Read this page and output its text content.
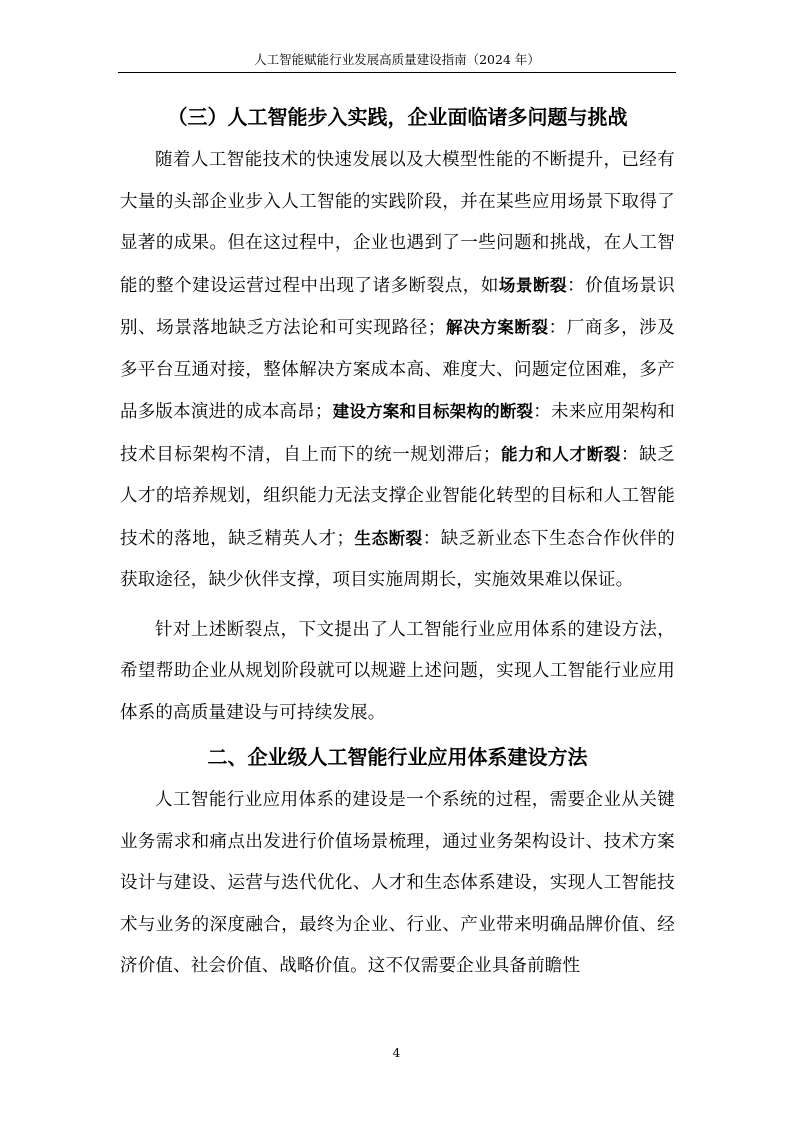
人工智能赋能行业发展高质量建设指南（2024 年）
（三）人工智能步入实践，企业面临诸多问题与挑战

随着人工智能技术的快速发展以及大模型性能的不断提升，已经有大量的头部企业步入人工智能的实践阶段，并在某些应用场景下取得了显著的成果。但在这过程中，企业也遇到了一些问题和挑战，在人工智能的整个建设运营过程中出现了诸多断裂点，如场景断裂：价值场景识别、场景落地缺乏方法论和可实现路径；解决方案断裂：厂商多，涉及多平台互通对接，整体解决方案成本高、难度大、问题定位困难，多产品多版本演进的成本高昂；建设方案和目标架构的断裂：未来应用架构和技术目标架构不清，自上而下的统一规划滞后；能力和人才断裂：缺乏人才的培养规划，组织能力无法支撑企业智能化转型的目标和人工智能技术的落地，缺乏精英人才；生态断裂：缺乏新业态下生态合作伙伴的获取途径，缺少伙伴支撑，项目实施周期长，实施效果难以保证。

针对上述断裂点，下文提出了人工智能行业应用体系的建设方法，希望帮助企业从规划阶段就可以规避上述问题，实现人工智能行业应用体系的高质量建设与可持续发展。

二、企业级人工智能行业应用体系建设方法

人工智能行业应用体系的建设是一个系统的过程，需要企业从关键业务需求和痛点出发进行价值场景梳理，通过业务架构设计、技术方案设计与建设、运营与迭代优化、人才和生态体系建设，实现人工智能技术与业务的深度融合，最终为企业、行业、产业带来明确品牌价值、经济价值、社会价值、战略价值。这不仅需要企业具备前瞻性

4
